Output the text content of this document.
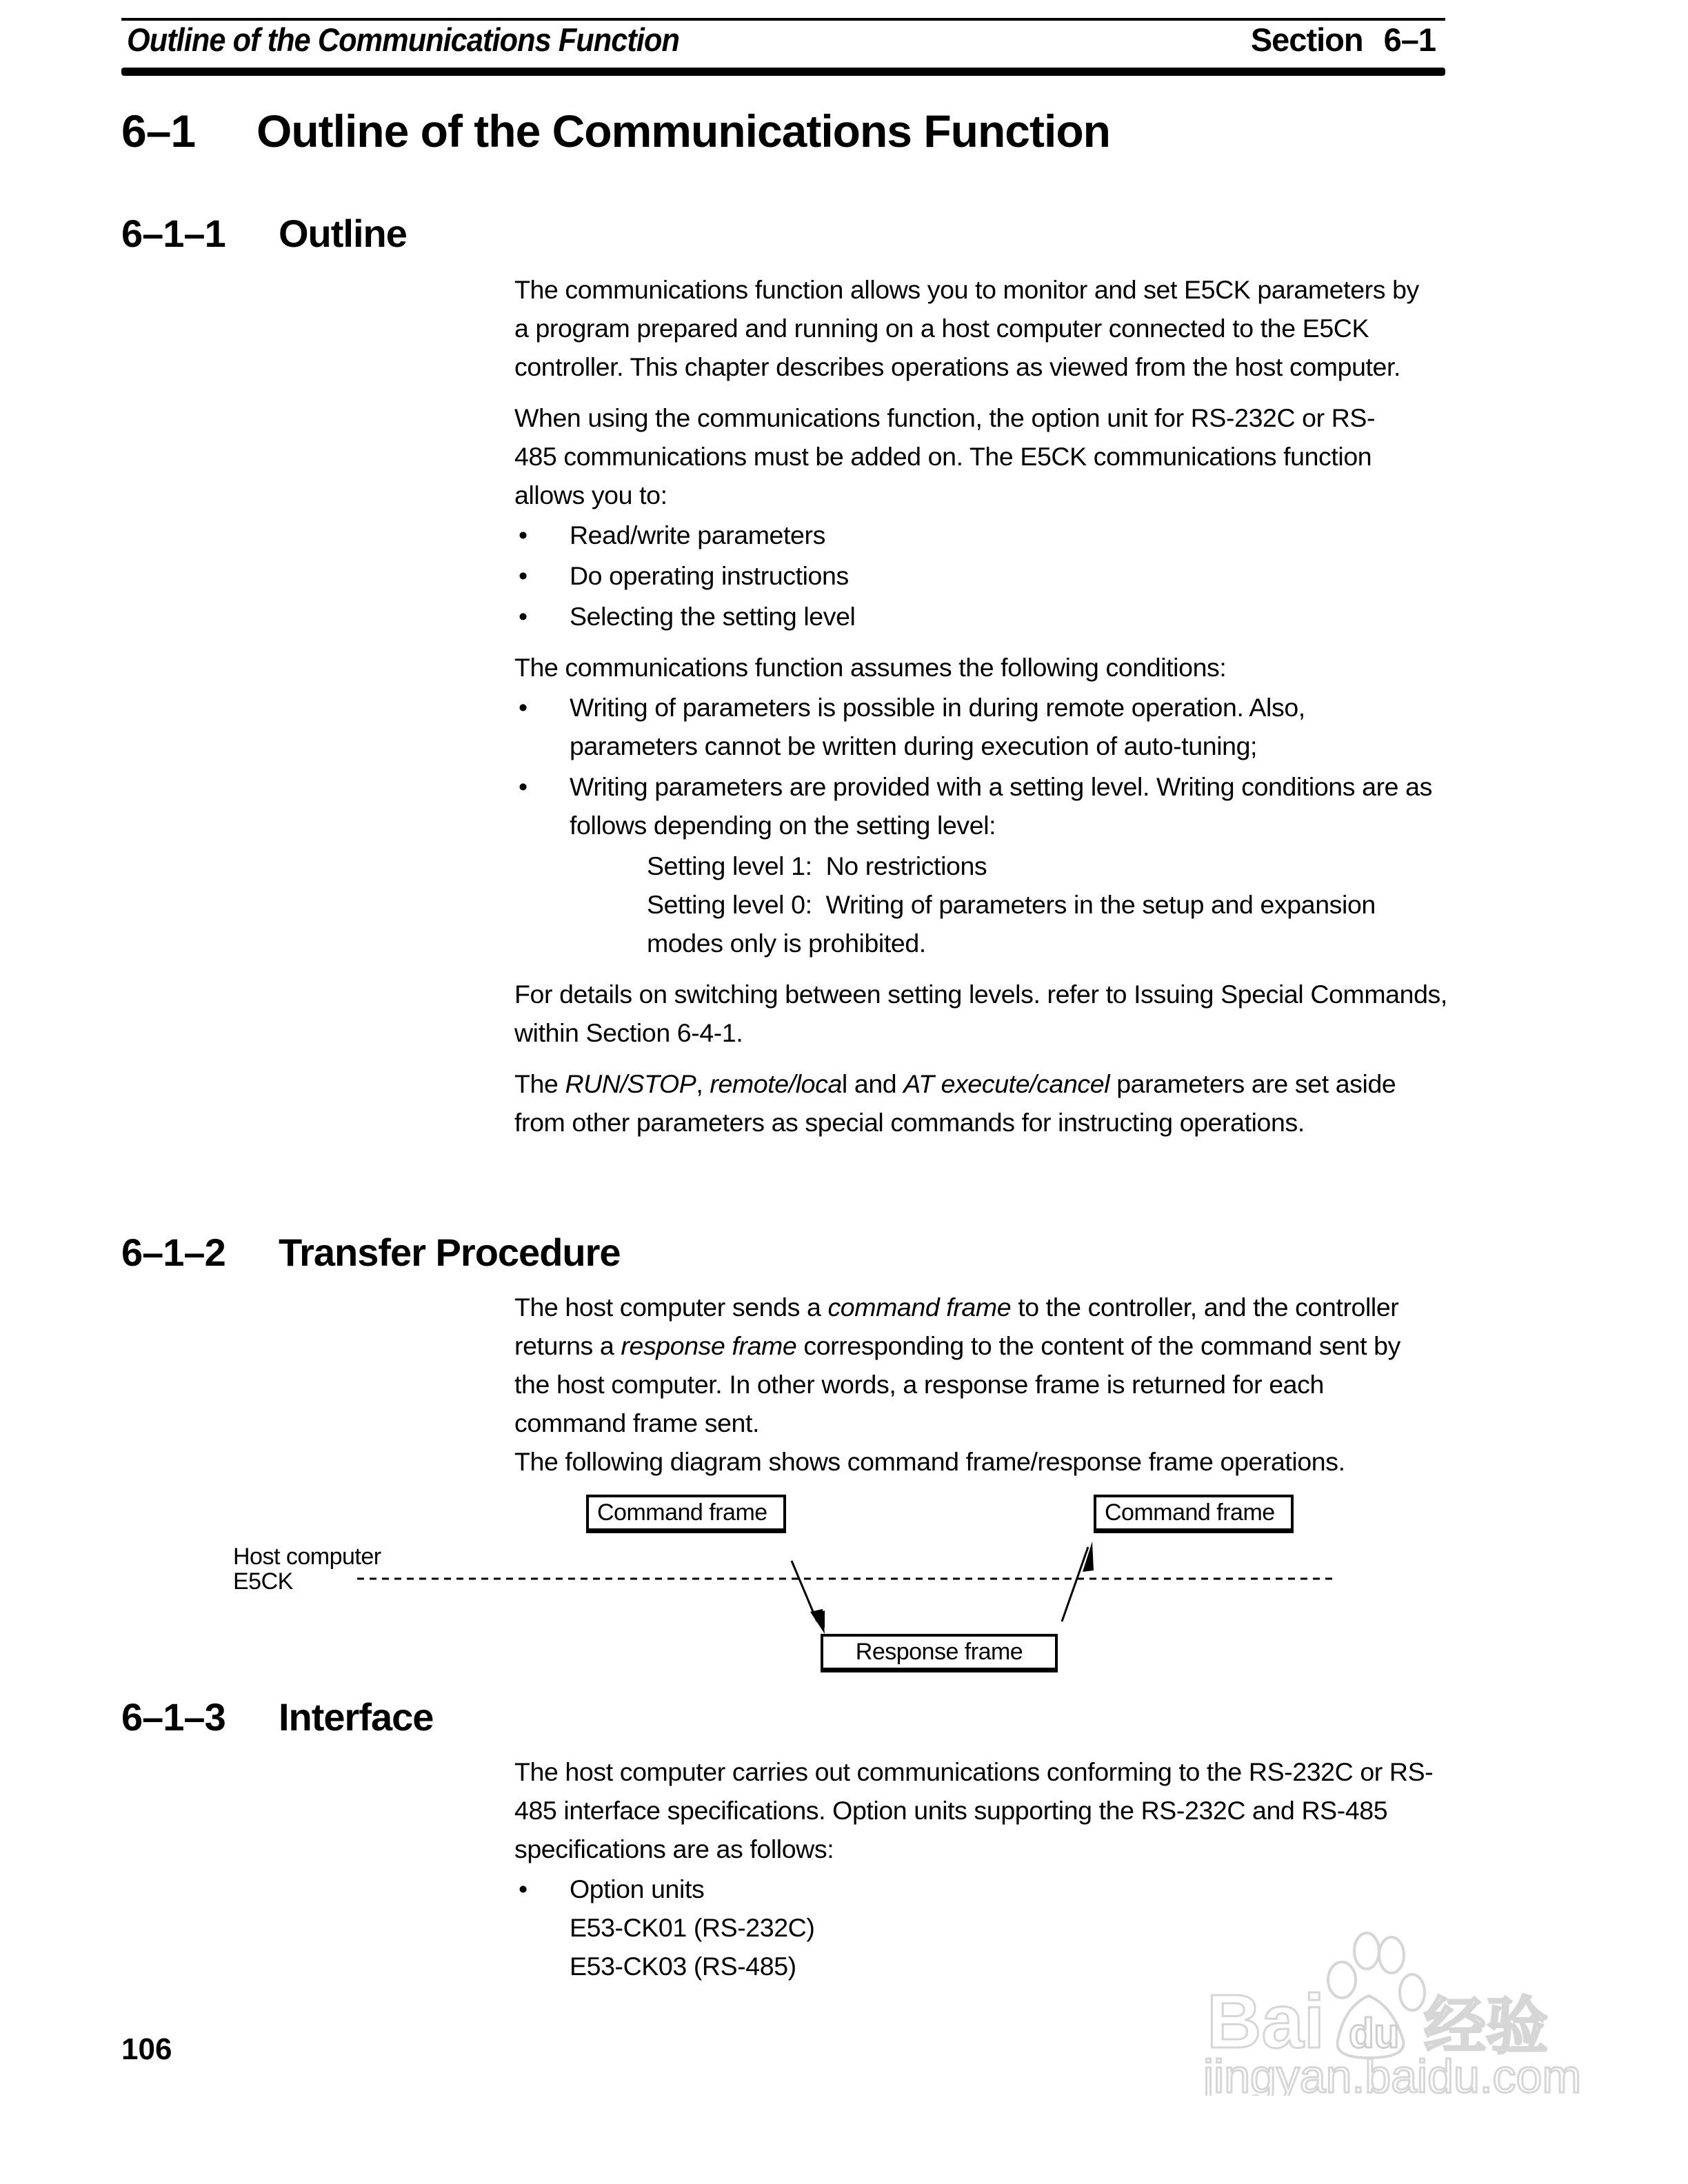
Outline of the Communications Function	Section 6–1
6–1 Outline of the Communications Function
6–1–1 Outline

The communications function allows you to monitor and set E5CK parameters by a program prepared and running on a host computer connected to the E5CK controller. This chapter describes operations as viewed from the host computer.

When using the communications function, the option unit for RS-232C or RS-485 communications must be added on. The E5CK communications function allows you to:

• Read/write parameters
• Do operating instructions
• Selecting the setting level

The communications function assumes the following conditions:

• Writing of parameters is possible in during remote operation. Also, parameters cannot be written during execution of auto-tuning;
• Writing parameters are provided with a setting level. Writing conditions are as follows depending on the setting level:
Setting level 1:  No restrictions
Setting level 0:  Writing of parameters in the setup and expansion modes only is prohibited.

For details on switching between setting levels. refer to Issuing Special Commands, within Section 6-4-1.

The RUN/STOP, remote/local and AT execute/cancel parameters are set aside from other parameters as special commands for instructing operations.

6–1–2 Transfer Procedure

The host computer sends a command frame to the controller, and the controller returns a response frame corresponding to the content of the command sent by the host computer. In other words, a response frame is returned for each command frame sent.

The following diagram shows command frame/response frame operations.

Host computer
E5CK
Command frame	Command frame
Response frame
6–1–3 Interface

The host computer carries out communications conforming to the RS-232C or RS-485 interface specifications. Option units supporting the RS-232C and RS-485 specifications are as follows:

• Option units
E53-CK01 (RS-232C)
E53-CK03 (RS-485)
106
